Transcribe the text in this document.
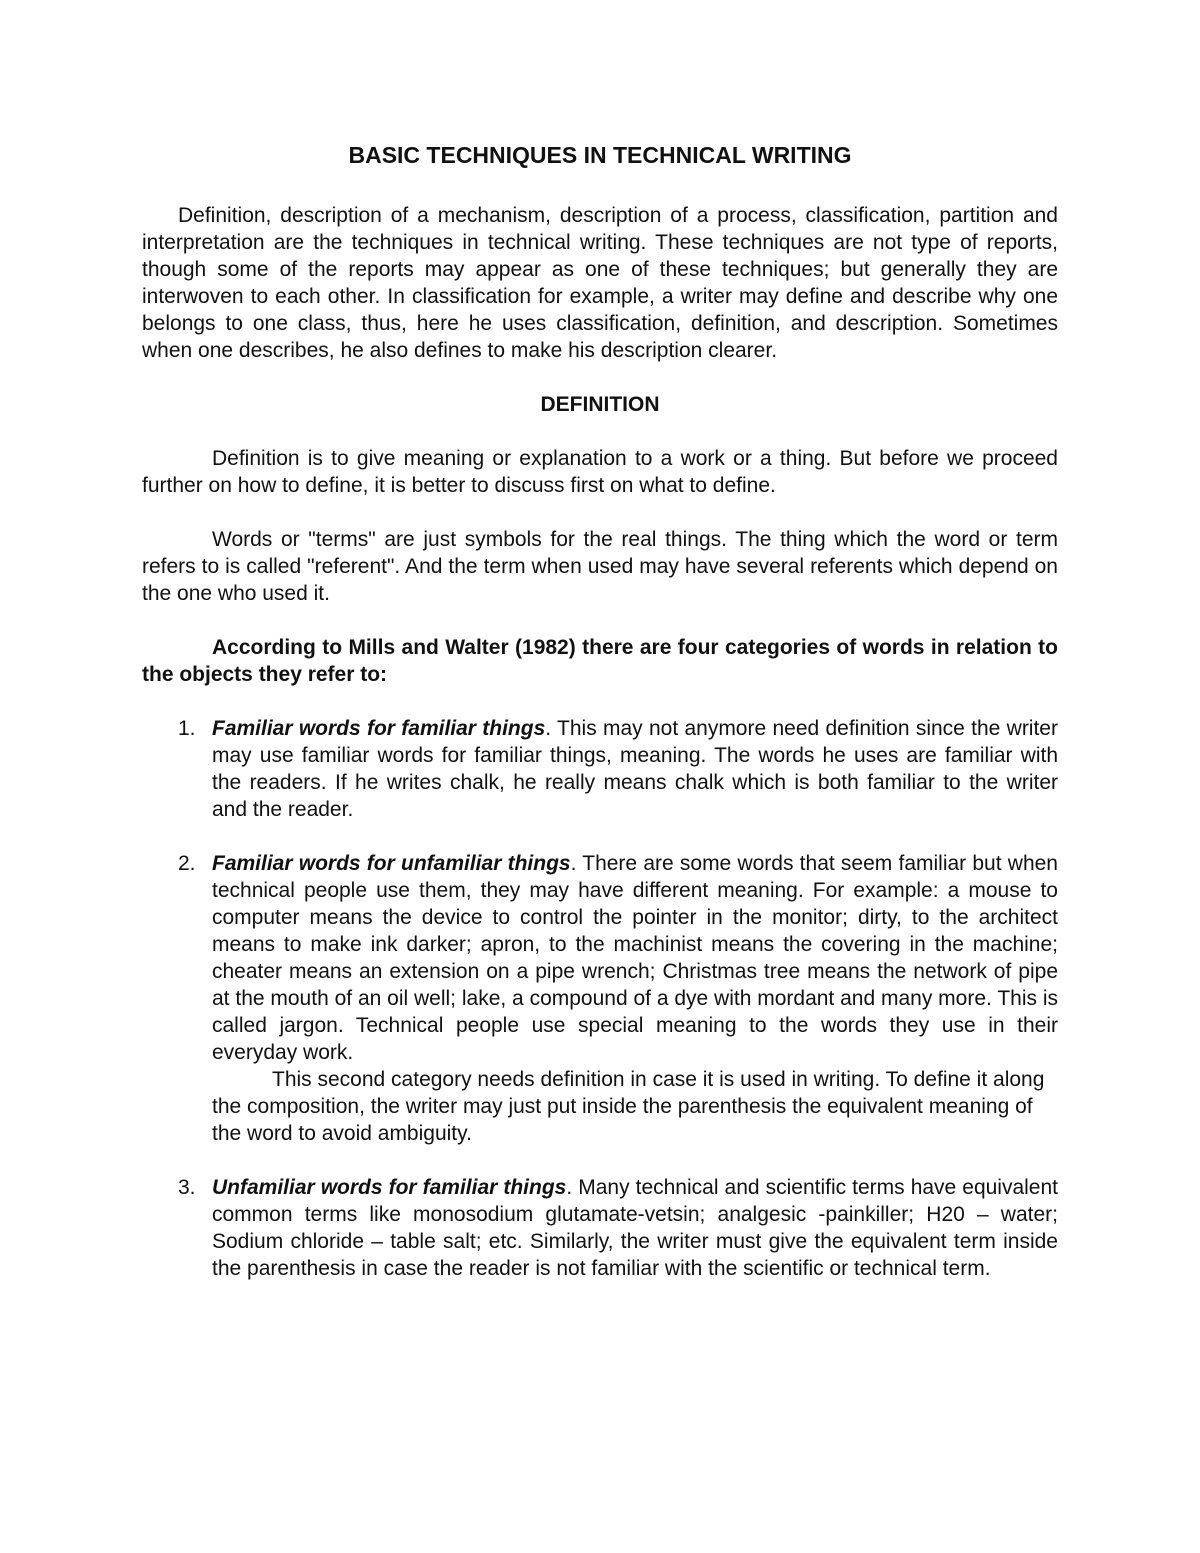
BASIC TECHNIQUES IN TECHNICAL WRITING

Definition, description of a mechanism, description of a process, classification, partition and interpretation are the techniques in technical writing. These techniques are not type of reports, though some of the reports may appear as one of these techniques; but generally they are interwoven to each other. In classification for example, a writer may define and describe why one belongs to one class, thus, here he uses classification, definition, and description. Sometimes when one describes, he also defines to make his description clearer.

DEFINITION

Definition is to give meaning or explanation to a work or a thing. But before we proceed further on how to define, it is better to discuss first on what to define.

Words or "terms" are just symbols for the real things. The thing which the word or term refers to is called "referent". And the term when used may have several referents which depend on the one who used it.

According to Mills and Walter (1982) there are four categories of words in relation to the objects they refer to:

1. Familiar words for familiar things. This may not anymore need definition since the writer may use familiar words for familiar things, meaning. The words he uses are familiar with the readers. If he writes chalk, he really means chalk which is both familiar to the writer and the reader.
2. Familiar words for unfamiliar things. There are some words that seem familiar but when technical people use them, they may have different meaning. For example: a mouse to computer means the device to control the pointer in the monitor; dirty, to the architect means to make ink darker; apron, to the machinist means the covering in the machine; cheater means an extension on a pipe wrench; Christmas tree means the network of pipe at the mouth of an oil well; lake, a compound of a dye with mordant and many more. This is called jargon. Technical people use special meaning to the words they use in their everyday work.

This second category needs definition in case it is used in writing. To define it along the composition, the writer may just put inside the parenthesis the equivalent meaning of the word to avoid ambiguity.

3. Unfamiliar words for familiar things. Many technical and scientific terms have equivalent common terms like monosodium glutamate-vetsin; analgesic -painkiller; H20 – water; Sodium chloride – table salt; etc. Similarly, the writer must give the equivalent term inside the parenthesis in case the reader is not familiar with the scientific or technical term.
